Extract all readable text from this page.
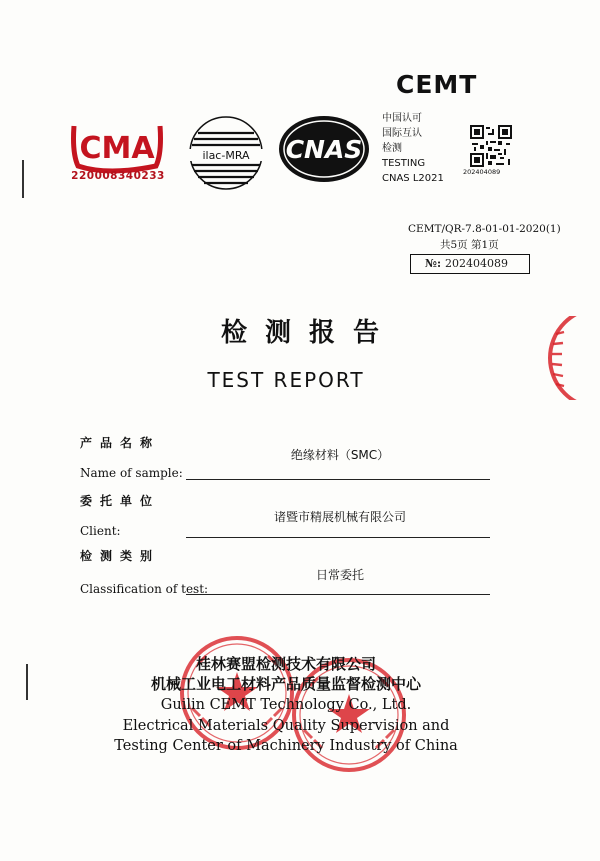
CEMT
CMA
220008340233
ilac-MRA CNAS
中国认可
国际互认
检测
TESTING
CNAS L2021
202404089
CEMT/QR-7.8-01-01-2020(1)
共5页 第1页
№: 202404089
检测报告
TEST REPORT
产品名称
绝缘材料（SMC）
Name of sample:
委托单位
诸暨市精展机械有限公司
Client:
检测类别
日常委托
Classification of test:
桂林赛盟检测技术有限公司
机械工业电工材料产品质量监督检测中心
Guilin CEMT Technology Co., Ltd.
Electrical Materials Quality Supervision and
Testing Center of Machinery Industry of China
